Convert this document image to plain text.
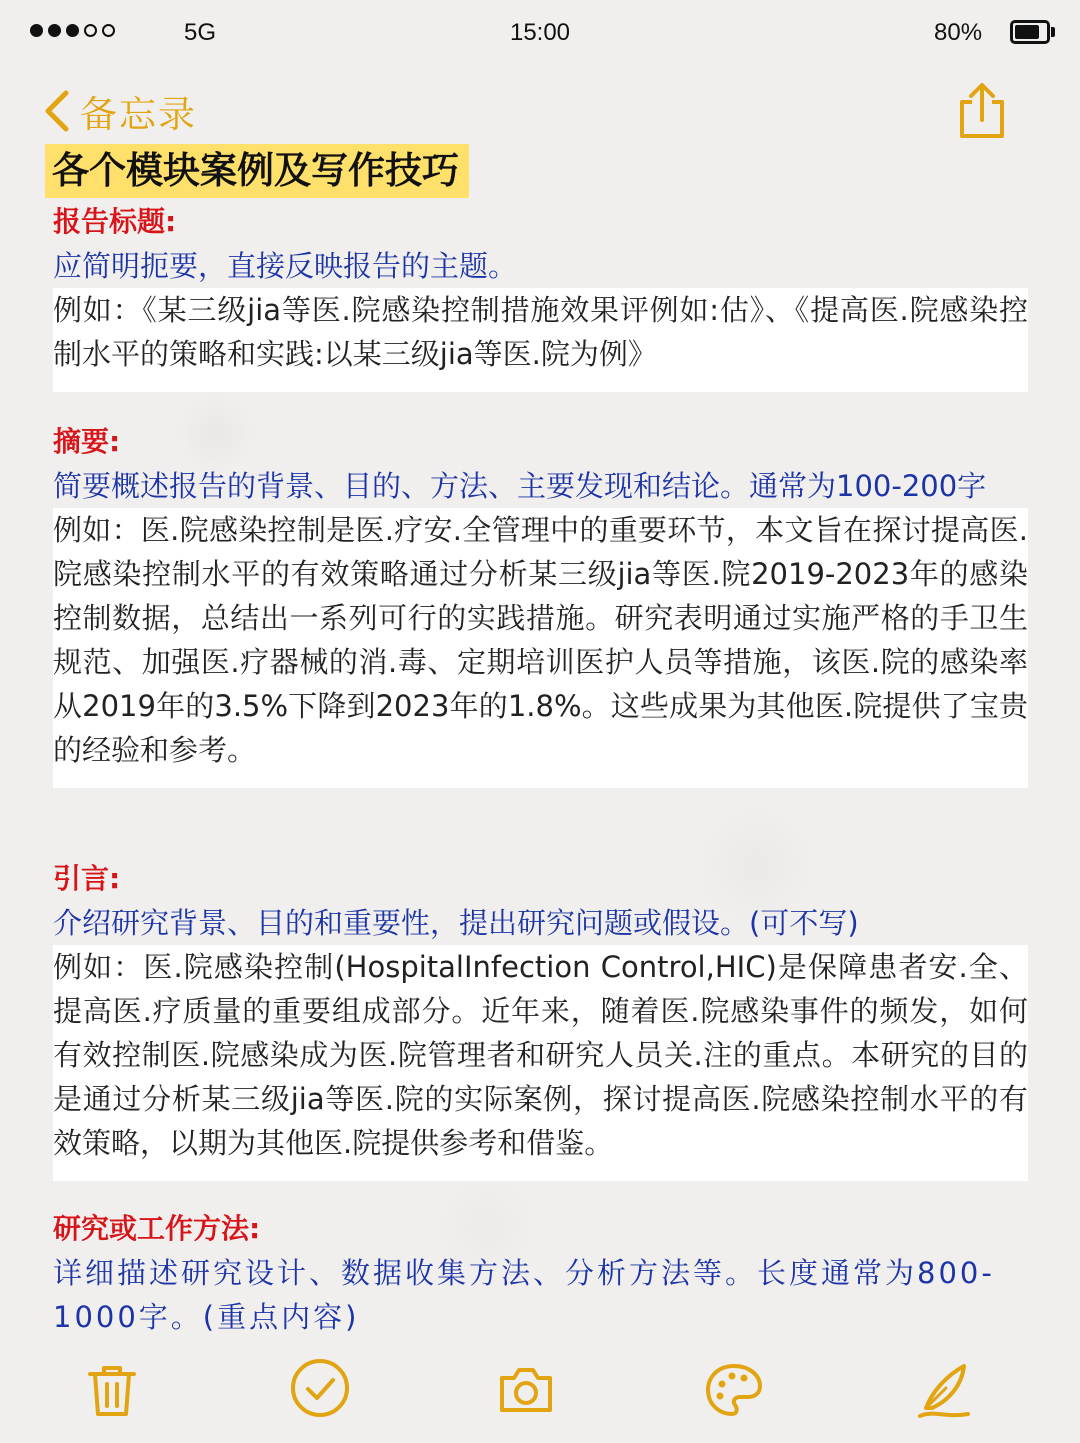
5G	15:00	80%
备忘录
各个模块案例及写作技巧
报告标题:
应简明扼要，直接反映报告的主题。
例如：《某三级jia等医.院感染控制措施效果评例如:估》、《提高医.院感染控制水平的策略和实践:以某三级jia等医.院为例》
摘要:
简要概述报告的背景、目的、方法、主要发现和结论。通常为100-200字
例如：医.院感染控制是医.疗安.全管理中的重要环节，本文旨在探讨提高医.院感染控制水平的有效策略通过分析某三级jia等医.院2019-2023年的感染控制数据，总结出一系列可行的实践措施。研究表明通过实施严格的手卫生规范、加强医.疗器械的消.毒、定期培训医护人员等措施，该医.院的感染率从2019年的3.5%下降到2023年的1.8%。这些成果为其他医.院提供了宝贵的经验和参考。
引言:
介绍研究背景、目的和重要性，提出研究问题或假设。(可不写)
例如：医.院感染控制(HospitalInfection Control,HIC)是保障患者安.全、提高医.疗质量的重要组成部分。近年来，随着医.院感染事件的频发，如何有效控制医.院感染成为医.院管理者和研究人员关.注的重点。本研究的目的是通过分析某三级jia等医.院的实际案例，探讨提高医.院感染控制水平的有效策略，以期为其他医.院提供参考和借鉴。
研究或工作方法:
详细描述研究设计、数据收集方法、分析方法等。长度通常为800-1000字。(重点内容)
